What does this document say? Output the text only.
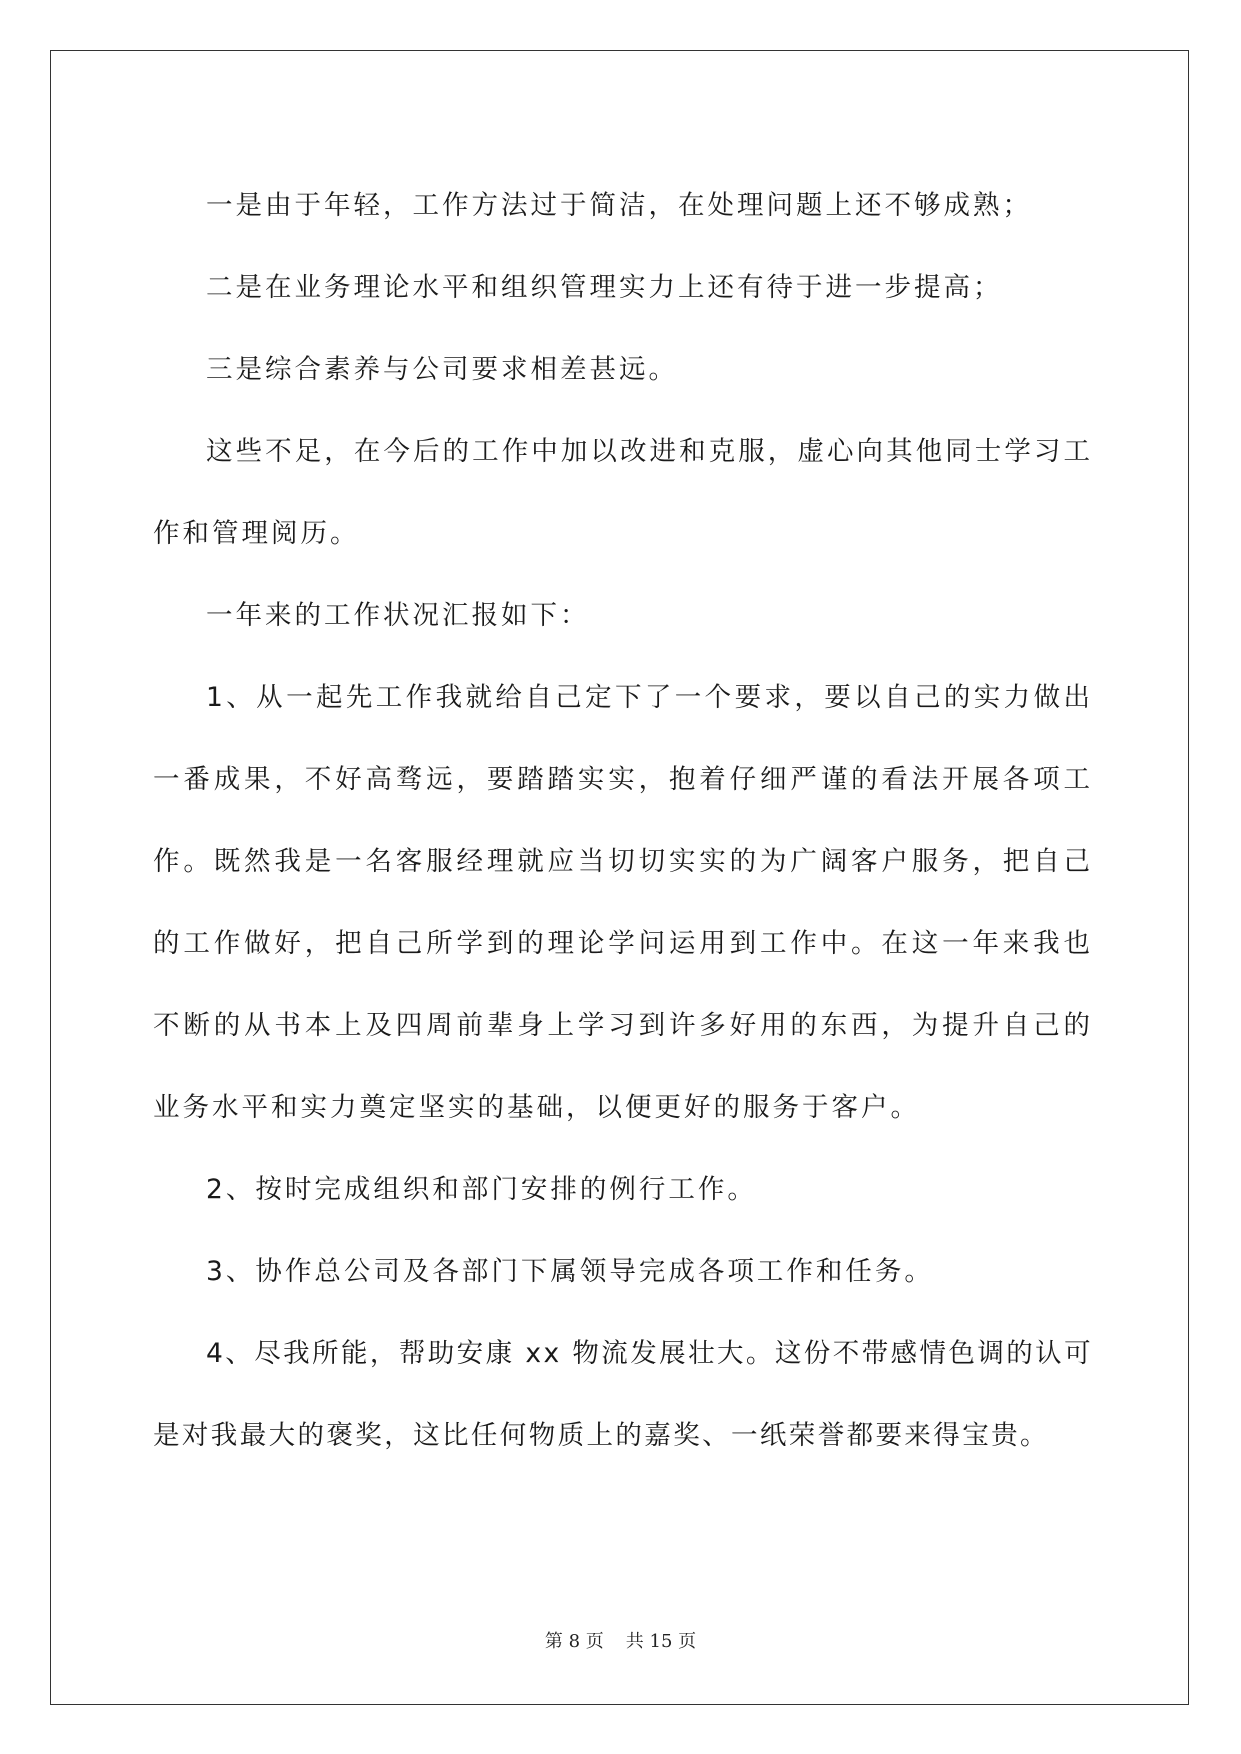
一是由于年轻，工作方法过于简洁，在处理问题上还不够成熟；

二是在业务理论水平和组织管理实力上还有待于进一步提高；

三是综合素养与公司要求相差甚远。

这些不足，在今后的工作中加以改进和克服，虚心向其他同士学习工作和管理阅历。

一年来的工作状况汇报如下：

1、从一起先工作我就给自己定下了一个要求，要以自己的实力做出一番成果，不好高骛远，要踏踏实实，抱着仔细严谨的看法开展各项工作。既然我是一名客服经理就应当切切实实的为广阔客户服务，把自己的工作做好，把自己所学到的理论学问运用到工作中。在这一年来我也不断的从书本上及四周前辈身上学习到许多好用的东西，为提升自己的业务水平和实力奠定坚实的基础，以便更好的服务于客户。

2、按时完成组织和部门安排的例行工作。

3、协作总公司及各部门下属领导完成各项工作和任务。

4、尽我所能，帮助安康 xx 物流发展壮大。这份不带感情色调的认可是对我最大的褒奖，这比任何物质上的嘉奖、一纸荣誉都要来得宝贵。

第 8 页 共 15 页
